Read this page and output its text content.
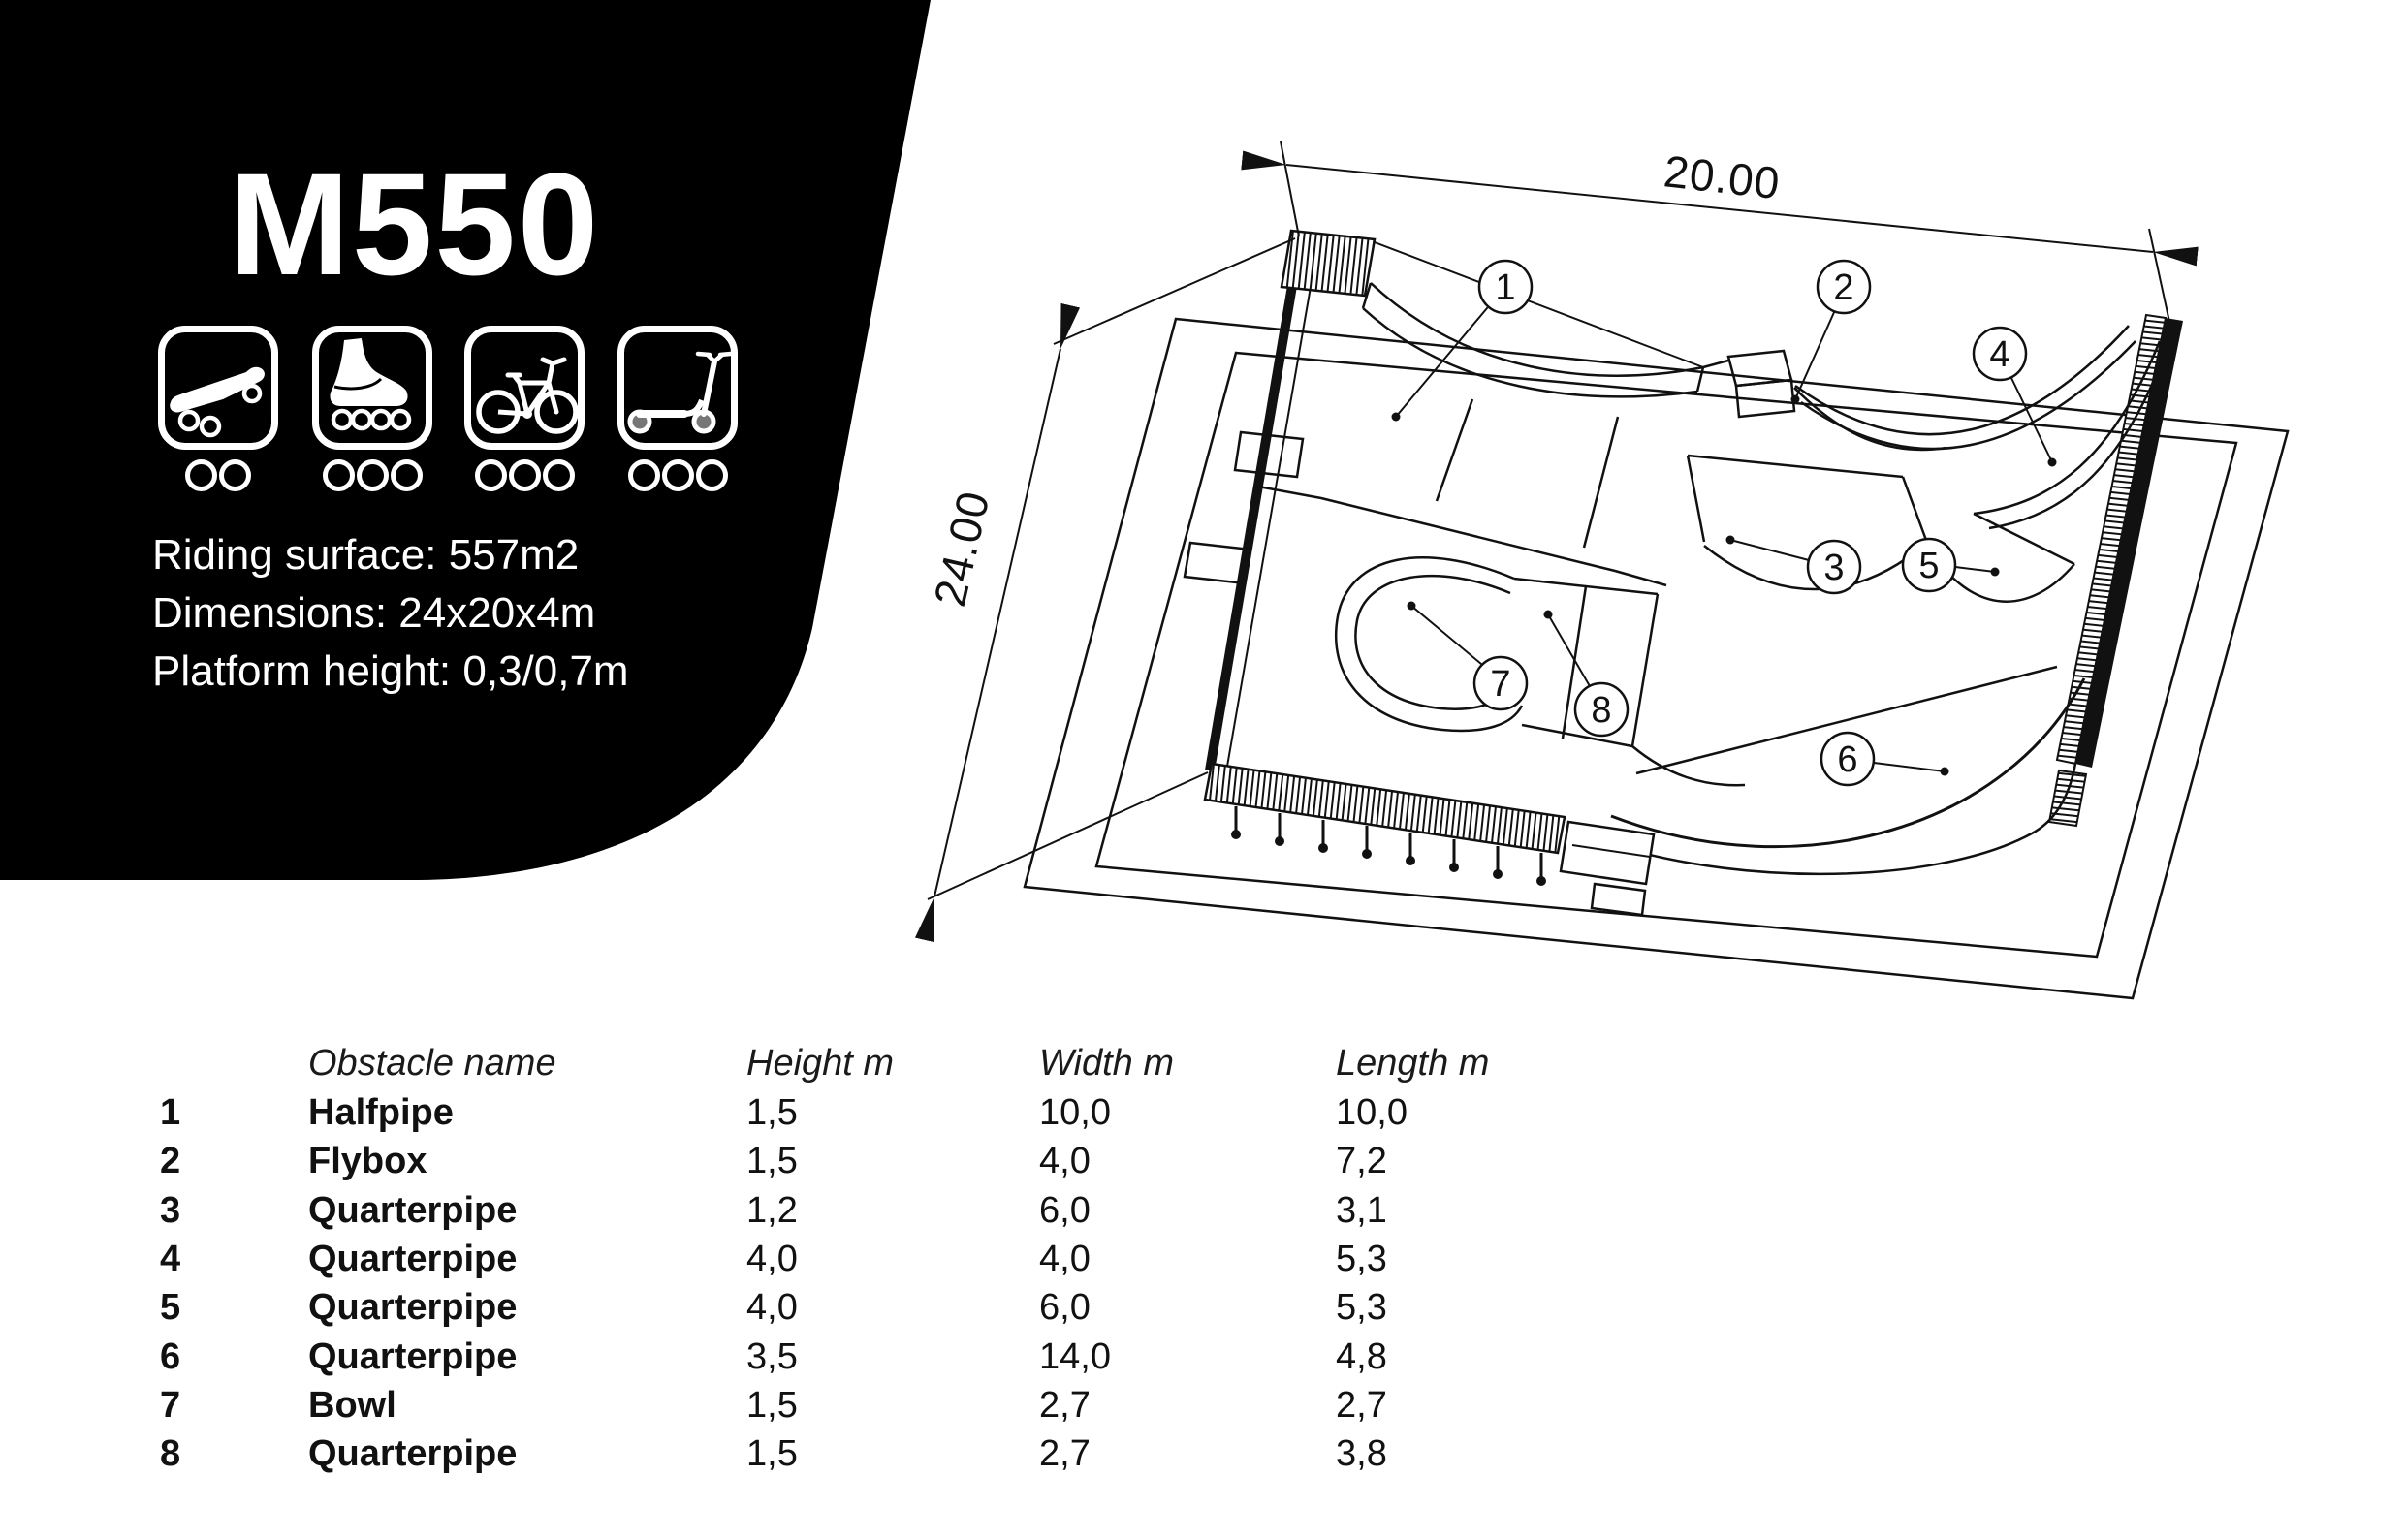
M550
Riding surface: 557m2
Dimensions: 24x20x4m
Platform height: 0,3/0,7m
20.00
24.00
1	2
3
4
5
6
7
8
Obstacle name	Height m	Width m	Length m
1	Halfpipe	1,5	10,0	10,0
2	Flybox	1,5	4,0	7,2
3	Quarterpipe	1,2	6,0	3,1
4	Quarterpipe	4,0	4,0	5,3
5	Quarterpipe	4,0	6,0	5,3
6	Quarterpipe	3,5	14,0	4,8
7	Bowl	1,5	2,7	2,7
8	Quarterpipe	1,5	2,7	3,8
